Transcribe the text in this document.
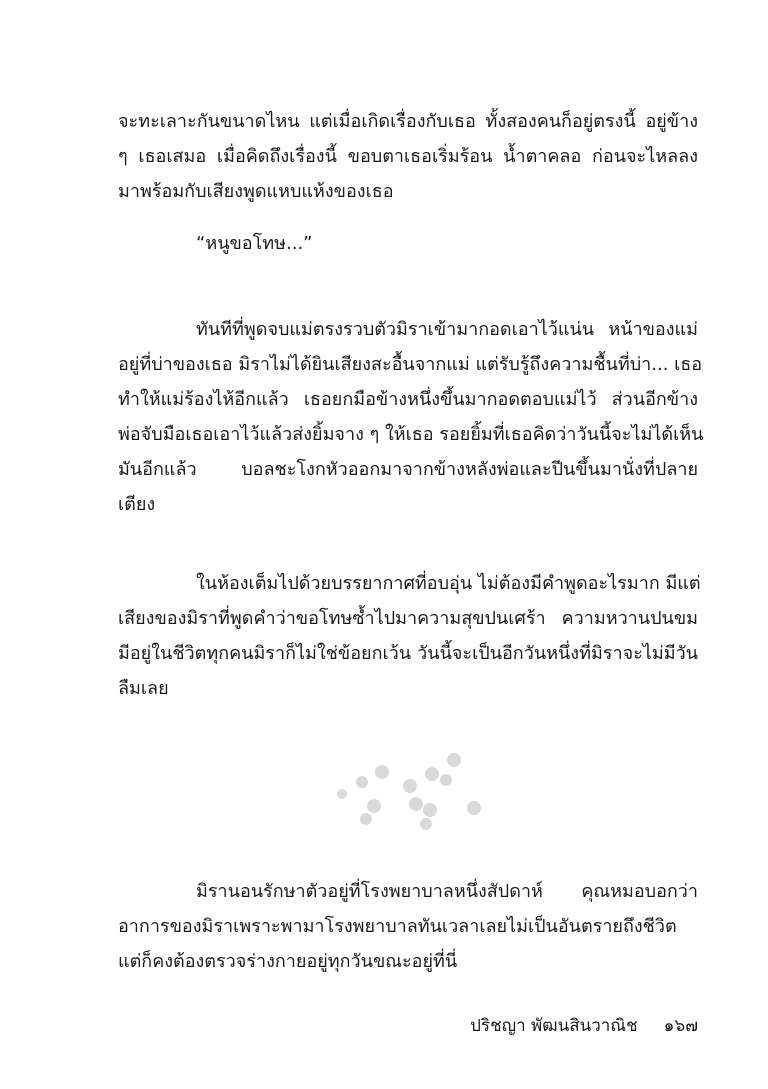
จะทะเลาะกันขนาดไหน แต่เมื่อเกิดเรื่องกับเธอ ทั้งสองคนก็อยู่ตรงนี้ อยู่ข้าง
ๆ เธอเสมอ เมื่อคิดถึงเรื่องนี้ ขอบตาเธอเริ่มร้อน น้ำตาคลอ ก่อนจะไหลลง
มาพร้อมกับเสียงพูดแหบแห้งของเธอ
“หนูขอโทษ...”
ทันทีที่พูดจบแม่ตรงรวบตัวมิราเข้ามากอดเอาไว้แน่น หน้าของแม่
อยู่ที่บ่าของเธอ มิราไม่ได้ยินเสียงสะอื้นจากแม่ แต่รับรู้ถึงความชื้นที่บ่า... เธอ
ทำให้แม่ร้องไห้อีกแล้ว เธอยกมือข้างหนึ่งขึ้นมากอดตอบแม่ไว้ ส่วนอีกข้าง
พ่อจับมือเธอเอาไว้แล้วส่งยิ้มจาง ๆ ให้เธอ รอยยิ้มที่เธอคิดว่าวันนี้จะไม่ได้เห็น
มันอีกแล้ว บอลชะโงกหัวออกมาจากข้างหลังพ่อและปีนขึ้นมานั่งที่ปลาย
เตียง
ในห้องเต็มไปด้วยบรรยากาศที่อบอุ่น ไม่ต้องมีคำพูดอะไรมาก มีแต่
เสียงของมิราที่พูดคำว่าขอโทษซ้ำไปมาความสุขปนเศร้า ความหวานปนขม
มีอยู่ในชีวิตทุกคนมิราก็ไม่ใช่ข้อยกเว้น วันนี้จะเป็นอีกวันหนึ่งที่มิราจะไม่มีวัน
ลืมเลย
มิรานอนรักษาตัวอยู่ที่โรงพยาบาลหนึ่งสัปดาห์ คุณหมอบอกว่า
อาการของมิราเพราะพามาโรงพยาบาลทันเวลาเลยไม่เป็นอันตรายถึงชีวิต
แต่ก็คงต้องตรวจร่างกายอยู่ทุกวันขณะอยู่ที่นี่
ปริชญา พัฒนสินวาณิช ๑๖๗
